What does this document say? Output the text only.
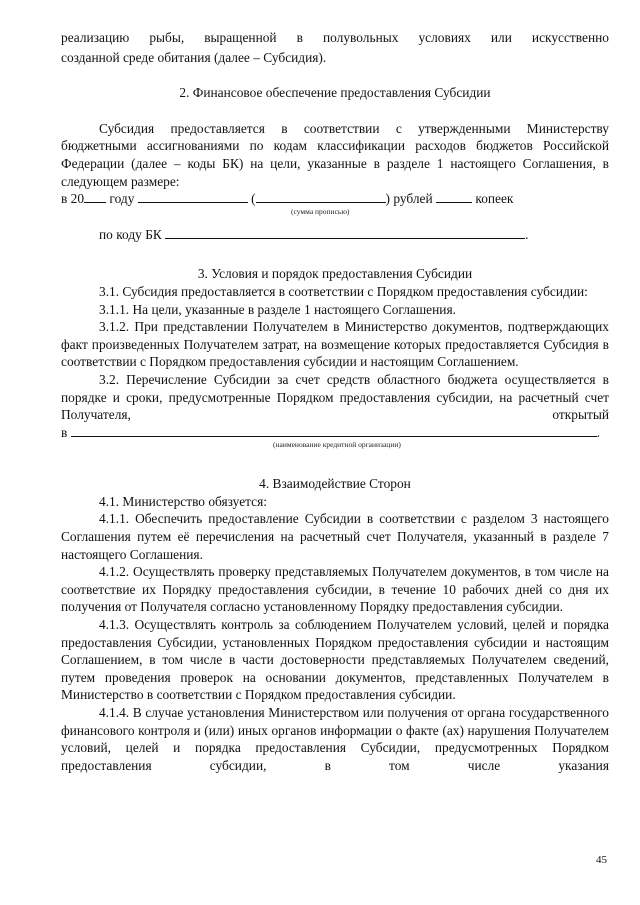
реализацию рыбы, выращенной в полувольных условиях или искусственно

созданной среде обитания (далее – Субсидия).

2. Финансовое обеспечение предоставления Субсидии

Субсидия предоставляется в соответствии с утвержденными Министерству бюджетными ассигнованиями по кодам классификации расходов бюджетов Российской Федерации (далее – коды БК) на цели, указанные в разделе 1 настоящего Соглашения, в следующем размере:

в 20 году	(	) рублей	копеек
(сумма прописью)
по коду БК	.

3. Условия и порядок предоставления Субсидии

3.1. Субсидия предоставляется в соответствии с Порядком предоставления субсидии:

3.1.1. На цели, указанные в разделе 1 настоящего Соглашения.

3.1.2. При представлении Получателем в Министерство документов, подтверждающих факт произведенных Получателем затрат, на возмещение которых предоставляется Субсидия в соответствии с Порядком предоставления субсидии и настоящим Соглашением.

3.2. Перечисление Субсидии за счет средств областного бюджета осуществляется в порядке и сроки, предусмотренные Порядком предоставления субсидии, на расчетный счет Получателя, открытый

в	.
(наименование кредитной организации)

4. Взаимодействие Сторон

4.1. Министерство обязуется:

4.1.1. Обеспечить предоставление Субсидии в соответствии с разделом 3 настоящего Соглашения путем её перечисления на расчетный счет Получателя, указанный в разделе 7 настоящего Соглашения.

4.1.2. Осуществлять проверку представляемых Получателем документов, в том числе на соответствие их Порядку предоставления субсидии, в течение 10 рабочих дней со дня их получения от Получателя согласно установленному Порядку предоставления субсидии.

4.1.3. Осуществлять контроль за соблюдением Получателем условий, целей и порядка предоставления Субсидии, установленных Порядком предоставления субсидии и настоящим Соглашением, в том числе в части достоверности представляемых Получателем сведений, путем проведения проверок на основании документов, представленных Получателем в Министерство в соответствии с Порядком предоставления субсидии.

4.1.4. В случае установления Министерством или получения от органа государственного финансового контроля и (или) иных органов информации о факте (ах) нарушения Получателем условий, целей и порядка предоставления Субсидии, предусмотренных Порядком предоставления субсидии, в том числе указания

45
